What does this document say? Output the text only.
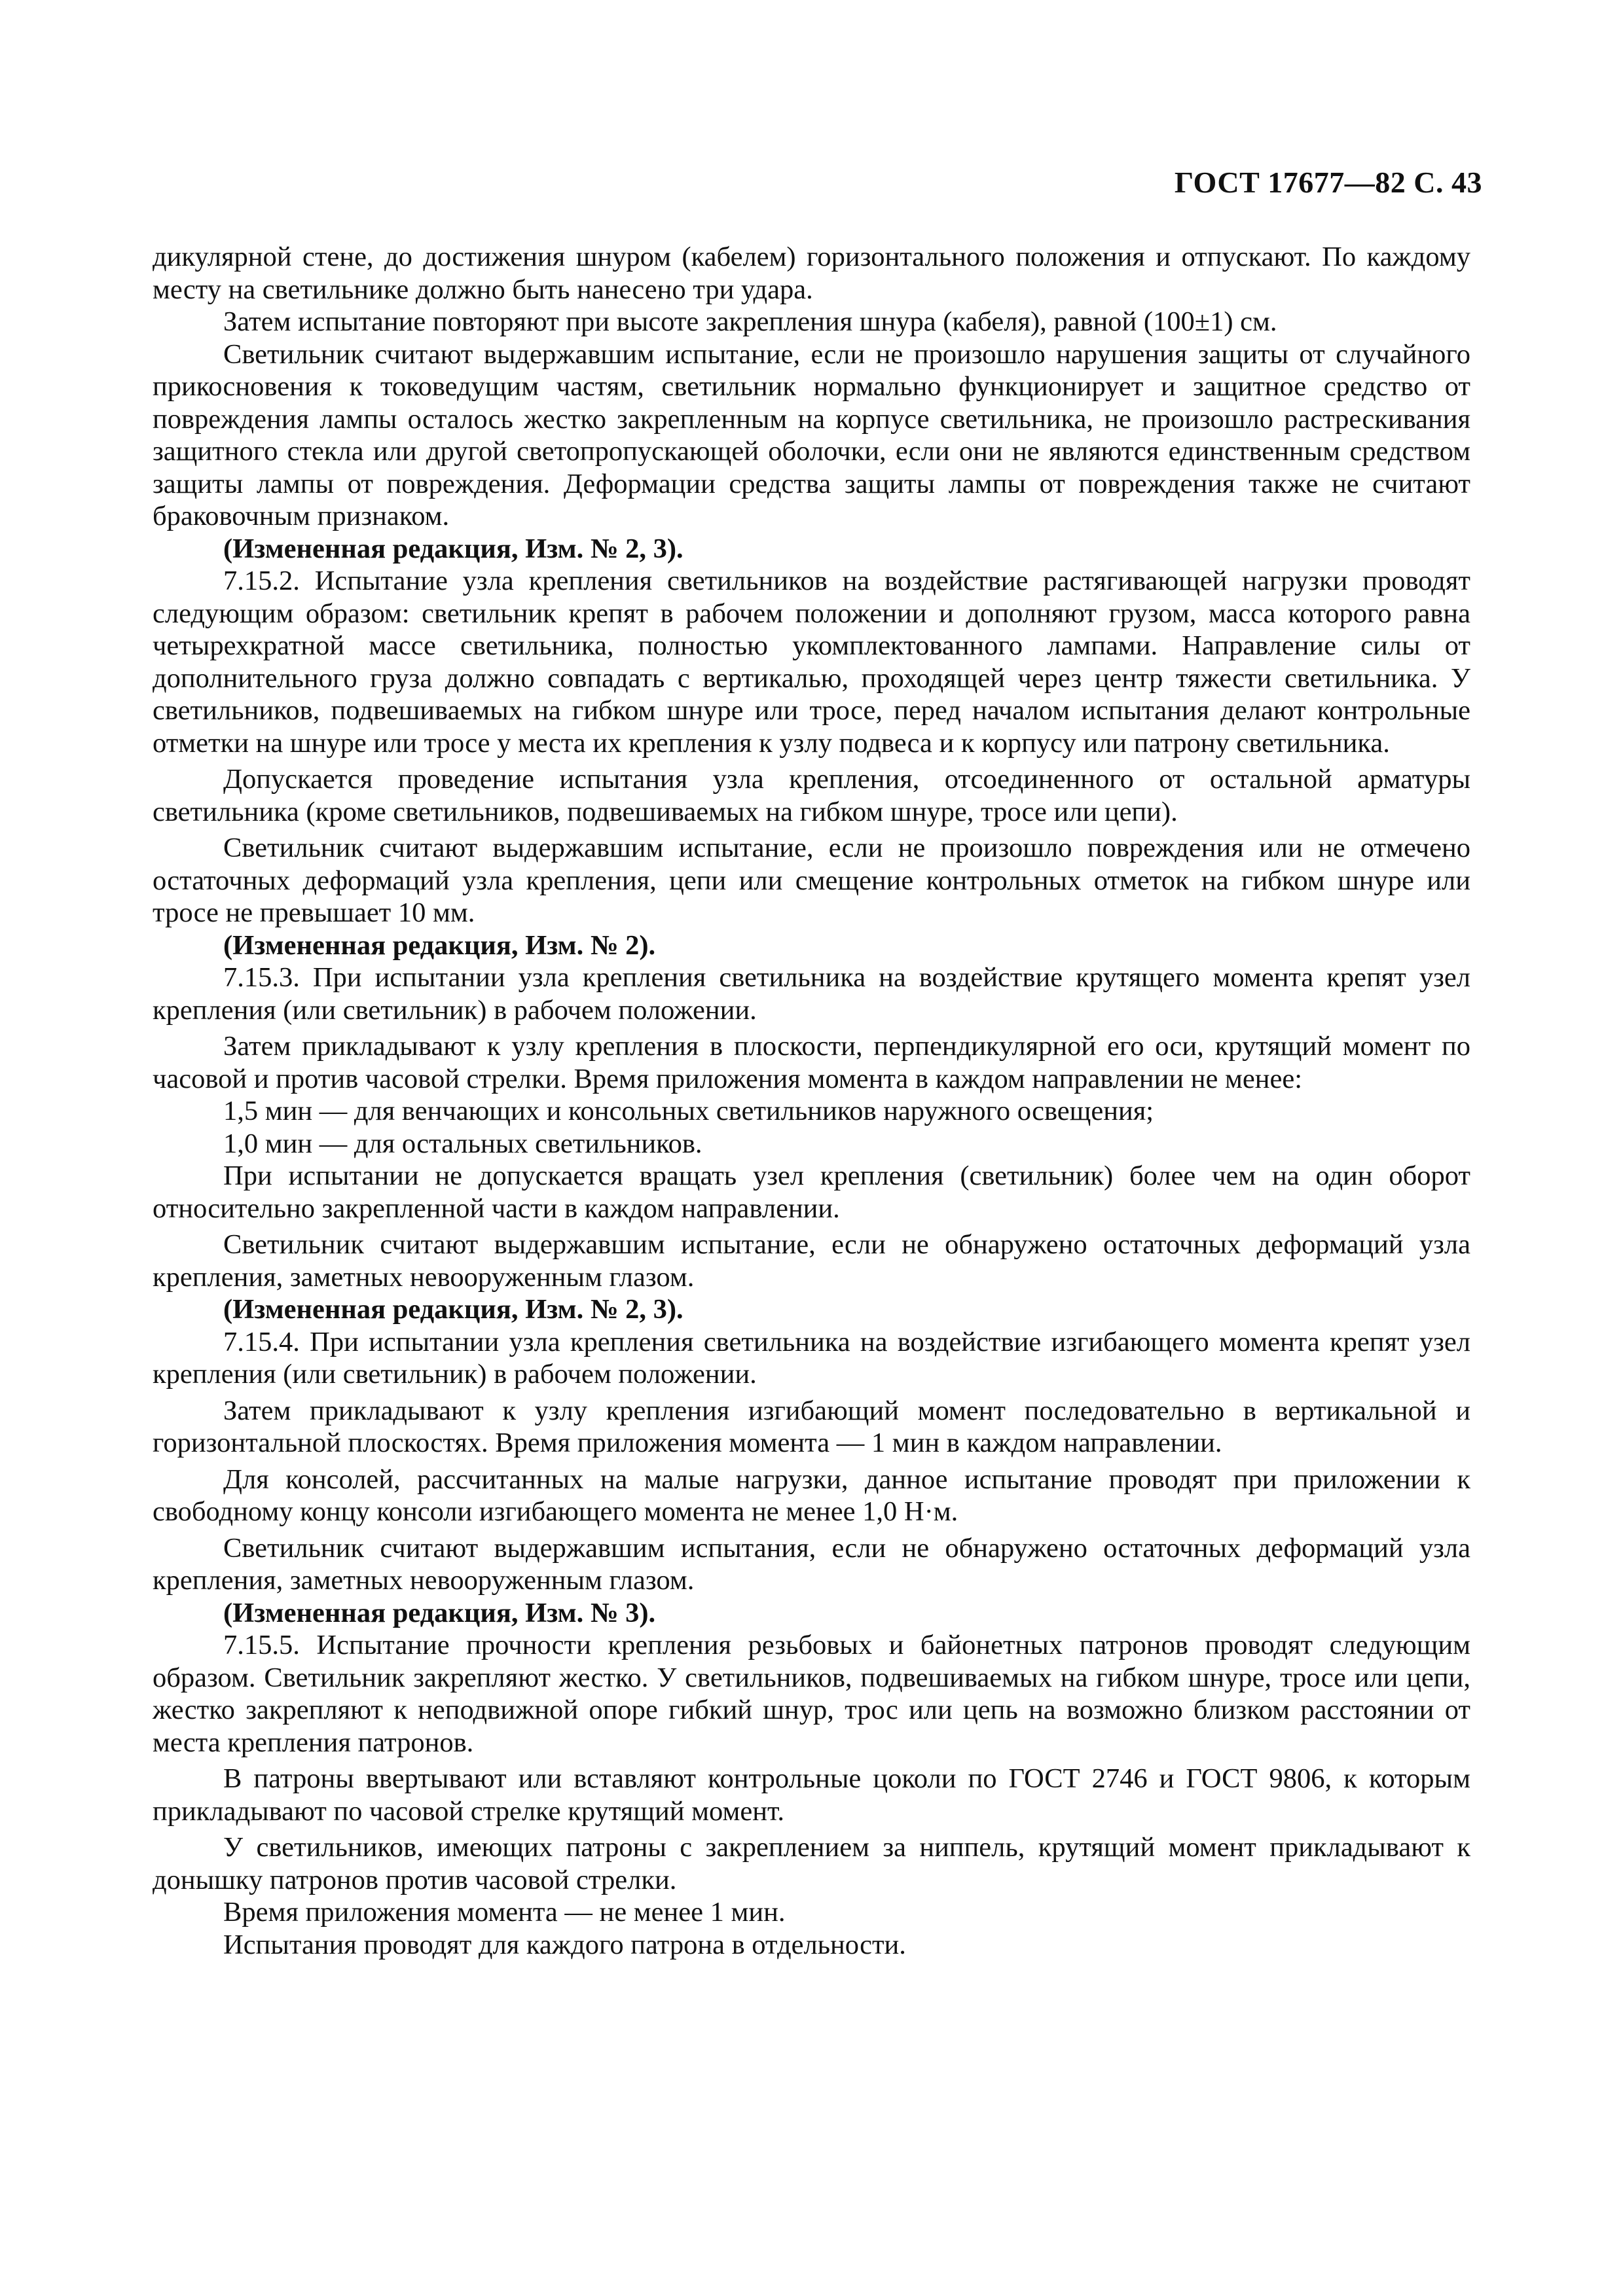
ГОСТ 17677—82 С. 43

дикулярной стене, до достижения шнуром (кабелем) горизонтального положения и отпускают. По каждому месту на светильнике должно быть нанесено три удара.

Затем испытание повторяют при высоте закрепления шнура (кабеля), равной (100±1) см.

Светильник считают выдержавшим испытание, если не произошло нарушения защиты от случайного прикосновения к токоведущим частям, светильник нормально функционирует и защитное средство от повреждения лампы осталось жестко закрепленным на корпусе светильника, не произошло растрескивания защитного стекла или другой светопропускающей оболочки, если они не являются единственным средством защиты лампы от повреждения. Деформации средства защиты лампы от повреждения также не считают браковочным признаком.

(Измененная редакция, Изм. № 2, 3).

7.15.2. Испытание узла крепления светильников на воздействие растягивающей нагрузки проводят следующим образом: светильник крепят в рабочем положении и дополняют грузом, масса которого равна четырехкратной массе светильника, полностью укомплектованного лампами. Направление силы от дополнительного груза должно совпадать с вертикалью, проходящей через центр тяжести светильника. У светильников, подвешиваемых на гибком шнуре или тросе, перед началом испытания делают контрольные отметки на шнуре или тросе у места их крепления к узлу подвеса и к корпусу или патрону светильника.

Допускается проведение испытания узла крепления, отсоединенного от остальной арматуры светильника (кроме светильников, подвешиваемых на гибком шнуре, тросе или цепи).

Светильник считают выдержавшим испытание, если не произошло повреждения или не отмечено остаточных деформаций узла крепления, цепи или смещение контрольных отметок на гибком шнуре или тросе не превышает 10 мм.

(Измененная редакция, Изм. № 2).

7.15.3. При испытании узла крепления светильника на воздействие крутящего момента крепят узел крепления (или светильник) в рабочем положении.

Затем прикладывают к узлу крепления в плоскости, перпендикулярной его оси, крутящий момент по часовой и против часовой стрелки. Время приложения момента в каждом направлении не менее:

1,5 мин — для венчающих и консольных светильников наружного освещения;

1,0 мин — для остальных светильников.

При испытании не допускается вращать узел крепления (светильник) более чем на один оборот относительно закрепленной части в каждом направлении.

Светильник считают выдержавшим испытание, если не обнаружено остаточных деформаций узла крепления, заметных невооруженным глазом.

(Измененная редакция, Изм. № 2, 3).

7.15.4. При испытании узла крепления светильника на воздействие изгибающего момента крепят узел крепления (или светильник) в рабочем положении.

Затем прикладывают к узлу крепления изгибающий момент последовательно в вертикальной и горизонтальной плоскостях. Время приложения момента — 1 мин в каждом направлении.

Для консолей, рассчитанных на малые нагрузки, данное испытание проводят при приложении к свободному концу консоли изгибающего момента не менее 1,0 Н·м.

Светильник считают выдержавшим испытания, если не обнаружено остаточных деформаций узла крепления, заметных невооруженным глазом.

(Измененная редакция, Изм. № 3).

7.15.5. Испытание прочности крепления резьбовых и байонетных патронов проводят следующим образом. Светильник закрепляют жестко. У светильников, подвешиваемых на гибком шнуре, тросе или цепи, жестко закрепляют к неподвижной опоре гибкий шнур, трос или цепь на возможно близком расстоянии от места крепления патронов.

В патроны ввертывают или вставляют контрольные цоколи по ГОСТ 2746 и ГОСТ 9806, к которым прикладывают по часовой стрелке крутящий момент.

У светильников, имеющих патроны с закреплением за ниппель, крутящий момент прикладывают к донышку патронов против часовой стрелки.

Время приложения момента — не менее 1 мин.

Испытания проводят для каждого патрона в отдельности.
